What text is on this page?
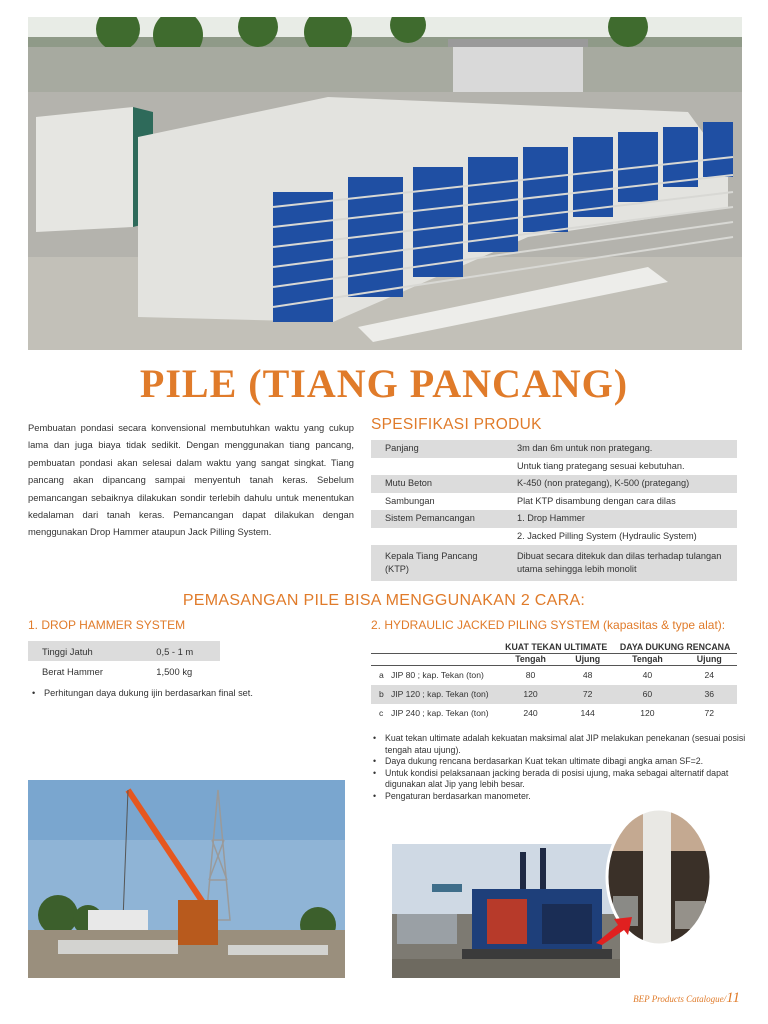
PILE (TIANG PANCANG)

Pembuatan pondasi secara konvensional membutuhkan waktu yang cukup lama dan juga biaya tidak sedikit. Dengan menggunakan tiang pancang, pembuatan pondasi akan selesai dalam waktu yang sangat singkat. Tiang pancang akan dipancang sampai menyentuh tanah keras. Sebelum pemancangan sebaiknya dilakukan sondir terlebih dahulu untuk menentukan kedalaman dari tanah keras. Pemancangan dapat dilakukan dengan menggunakan Drop Hammer ataupun Jack Pilling System.

SPESIFIKASI PRODUK
Panjang	3m dan 6m untuk non prategang.
	Untuk tiang prategang sesuai kebutuhan.
Mutu Beton	K-450 (non prategang), K-500 (prategang)
Sambungan	Plat KTP disambung dengan cara dilas
Sistem Pemancangan	1. Drop Hammer
	2. Jacked Pilling System (Hydraulic System)
Kepala Tiang Pancang (KTP)	Dibuat secara ditekuk dan dilas terhadap tulangan utama sehingga lebih monolit
PEMASANGAN PILE BISA MENGGUNAKAN 2 CARA:
1. DROP HAMMER SYSTEM
Tinggi Jatuh	0,5 - 1 m
Berat Hammer	1,500 kg
• Perhitungan daya dukung ijin berdasarkan final set.
2. HYDRAULIC JACKED PILING SYSTEM (kapasitas & type alat):
	KUAT TEKAN ULTIMATE		DAYA DUKUNG RENCANA	
	Tengah	Ujung	Tengah	Ujung
a JIP 80 ; kap. Tekan (ton)	80	48	40	24
b JIP 120 ; kap. Tekan (ton)	120	72	60	36
c JIP 240 ; kap. Tekan (ton)	240	144	120	72
• Kuat tekan ultimate adalah kekuatan maksimal alat JIP melakukan penekanan (sesuai posisi tengah atau ujung).
• Daya dukung rencana berdasarkan Kuat tekan ultimate dibagi angka aman SF=2.
• Untuk kondisi pelaksanaan jacking berada di posisi ujung, maka sebagai alternatif dapat digunakan alat Jip yang lebih besar.
• Pengaturan berdasarkan manometer.
BEP Products Catalogue/11
